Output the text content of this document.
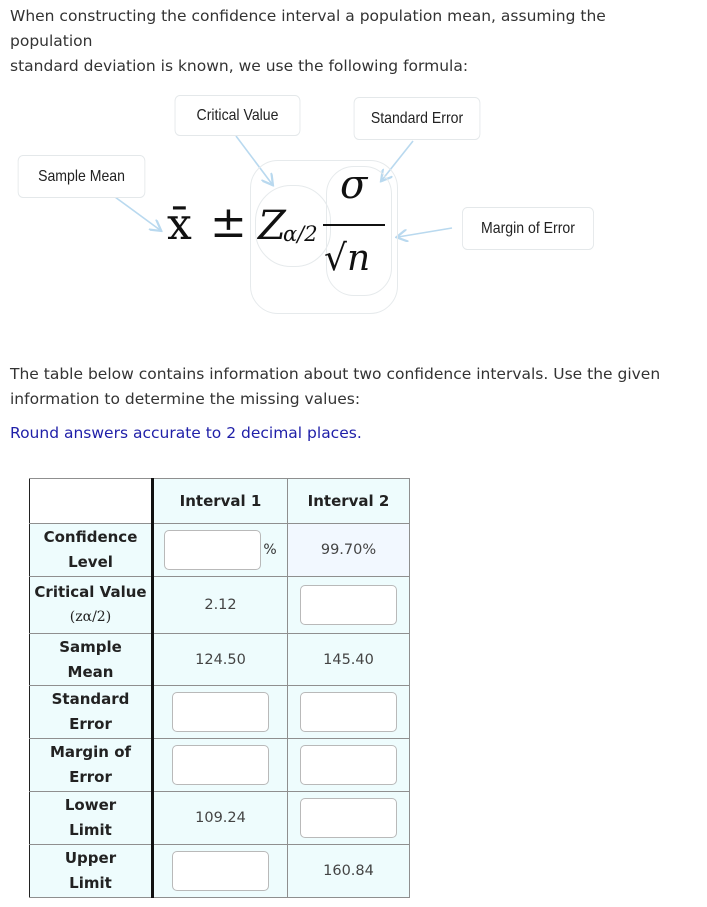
When constructing the confidence interval a population mean, assuming the population
standard deviation is known, we use the following formula:
Critical Value	Standard Error
Sample Mean
Margin of Error
x̄ ± Z
α/2
σ
√n
The table below contains information about two confidence intervals. Use the given
information to determine the missing values:
Round answers accurate to 2 decimal places.
	Interval 1	Interval 2

Confidence
Level	%	99.70%

Critical Value
(zα/2)	2.12	

Sample
Mean	124.50	145.40

Standard
Error		

Margin of
Error		

Lower
Limit	109.24	

Upper
Limit		160.84
